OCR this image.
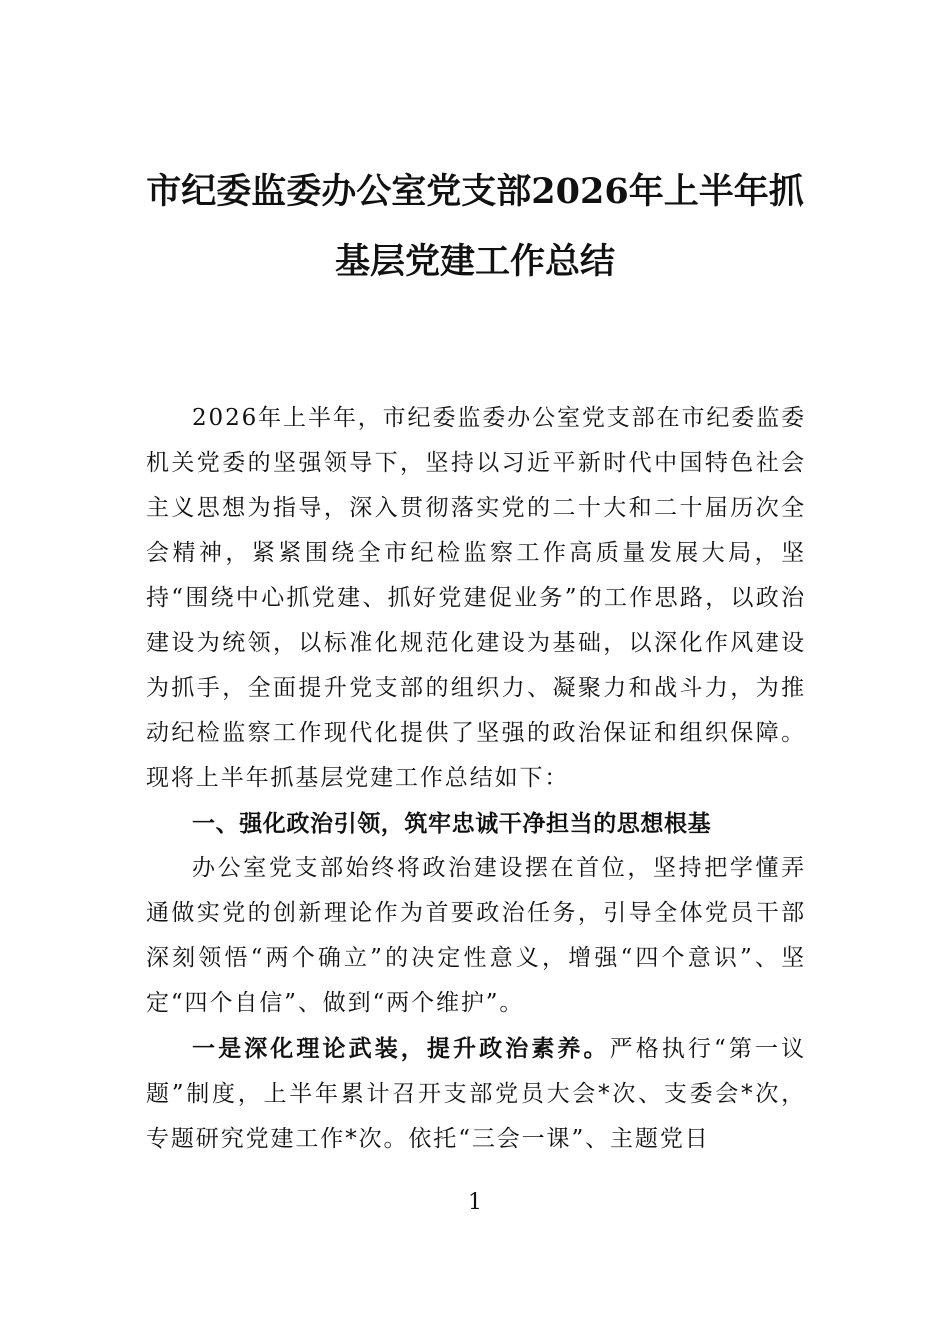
市纪委监委办公室党支部2026年上半年抓
基层党建工作总结

2026年上半年，市纪委监委办公室党支部在市纪委监委机关党委的坚强领导下，坚持以习近平新时代中国特色社会主义思想为指导，深入贯彻落实党的二十大和二十届历次全会精神，紧紧围绕全市纪检监察工作高质量发展大局，坚持“围绕中心抓党建、抓好党建促业务”的工作思路，以政治建设为统领，以标准化规范化建设为基础，以深化作风建设为抓手，全面提升党支部的组织力、凝聚力和战斗力，为推动纪检监察工作现代化提供了坚强的政治保证和组织保障。现将上半年抓基层党建工作总结如下：

一、强化政治引领，筑牢忠诚干净担当的思想根基

办公室党支部始终将政治建设摆在首位，坚持把学懂弄通做实党的创新理论作为首要政治任务，引导全体党员干部深刻领悟“两个确立”的决定性意义，增强“四个意识”、坚定“四个自信”、做到“两个维护”。

一是深化理论武装，提升政治素养。严格执行“第一议题”制度，上半年累计召开支部党员大会*次、支委会*次，专题研究党建工作*次。依托“三会一课”、主题党日

1
